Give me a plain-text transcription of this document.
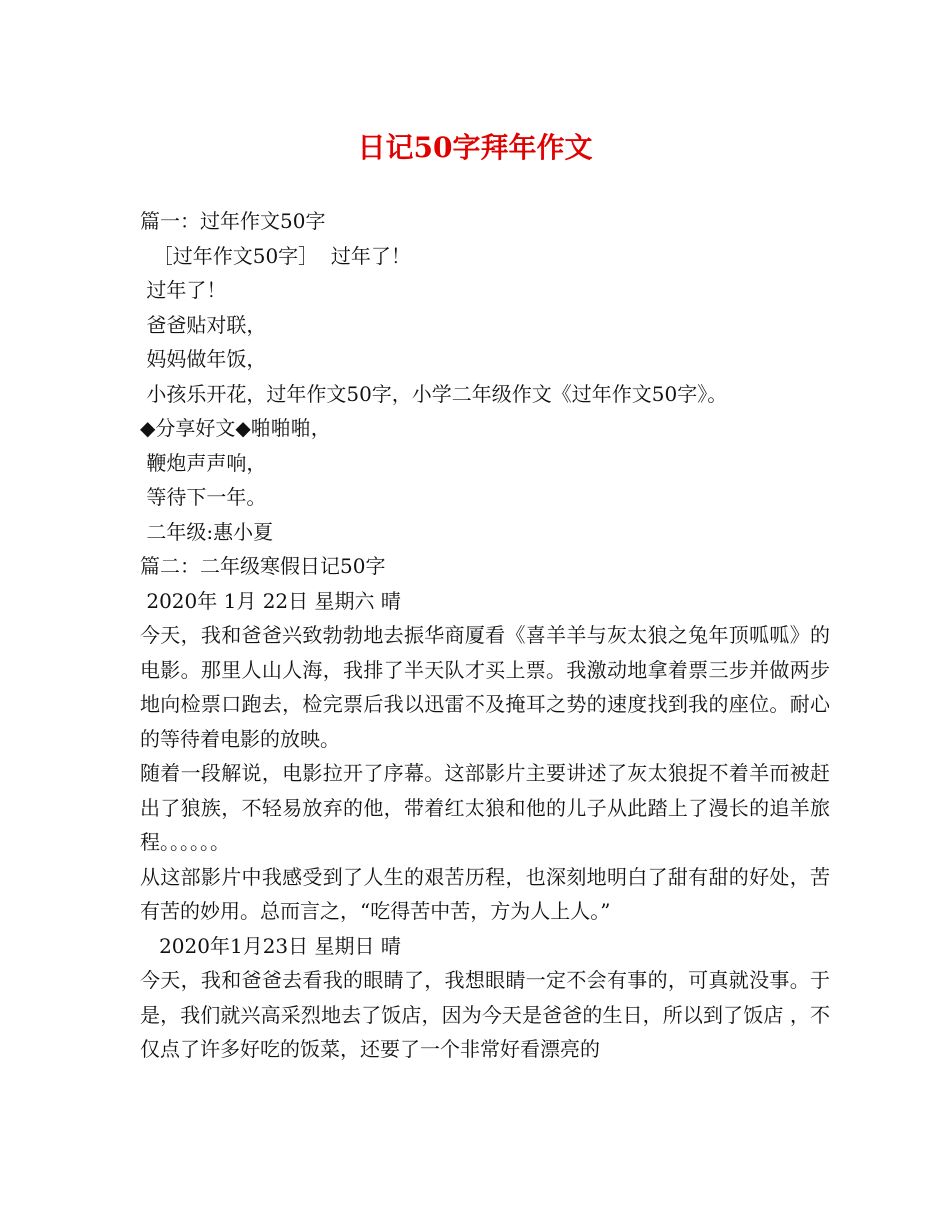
日记50字拜年作文
篇一：过年作文50字
［过年作文50字］  过年了！
过年了！
爸爸贴对联，
妈妈做年饭，
小孩乐开花，过年作文50字，小学二年级作文《过年作文50字》。
◆分享好文◆啪啪啪，
鞭炮声声响，
等待下一年。
二年级:惠小夏
篇二：二年级寒假日记50字
2020年 1月 22日 星期六 晴
今天，我和爸爸兴致勃勃地去振华商厦看《喜羊羊与灰太狼之兔年顶呱呱》的电影。那里人山人海，我排了半天队才买上票。我激动地拿着票三步并做两步地向检票口跑去，检完票后我以迅雷不及掩耳之势的速度找到我的座位。耐心的等待着电影的放映。
随着一段解说，电影拉开了序幕。这部影片主要讲述了灰太狼捉不着羊而被赶出了狼族，不轻易放弃的他，带着红太狼和他的儿子从此踏上了漫长的追羊旅程。。。。。。
从这部影片中我感受到了人生的艰苦历程，也深刻地明白了甜有甜的好处，苦有苦的妙用。总而言之，“吃得苦中苦，方为人上人。”
2020年1月23日 星期日 晴
今天，我和爸爸去看我的眼睛了，我想眼睛一定不会有事的，可真就没事。于是，我们就兴高采烈地去了饭店，因为今天是爸爸的生日，所以到了饭店 ，不仅点了许多好吃的饭菜，还要了一个非常好看漂亮的
